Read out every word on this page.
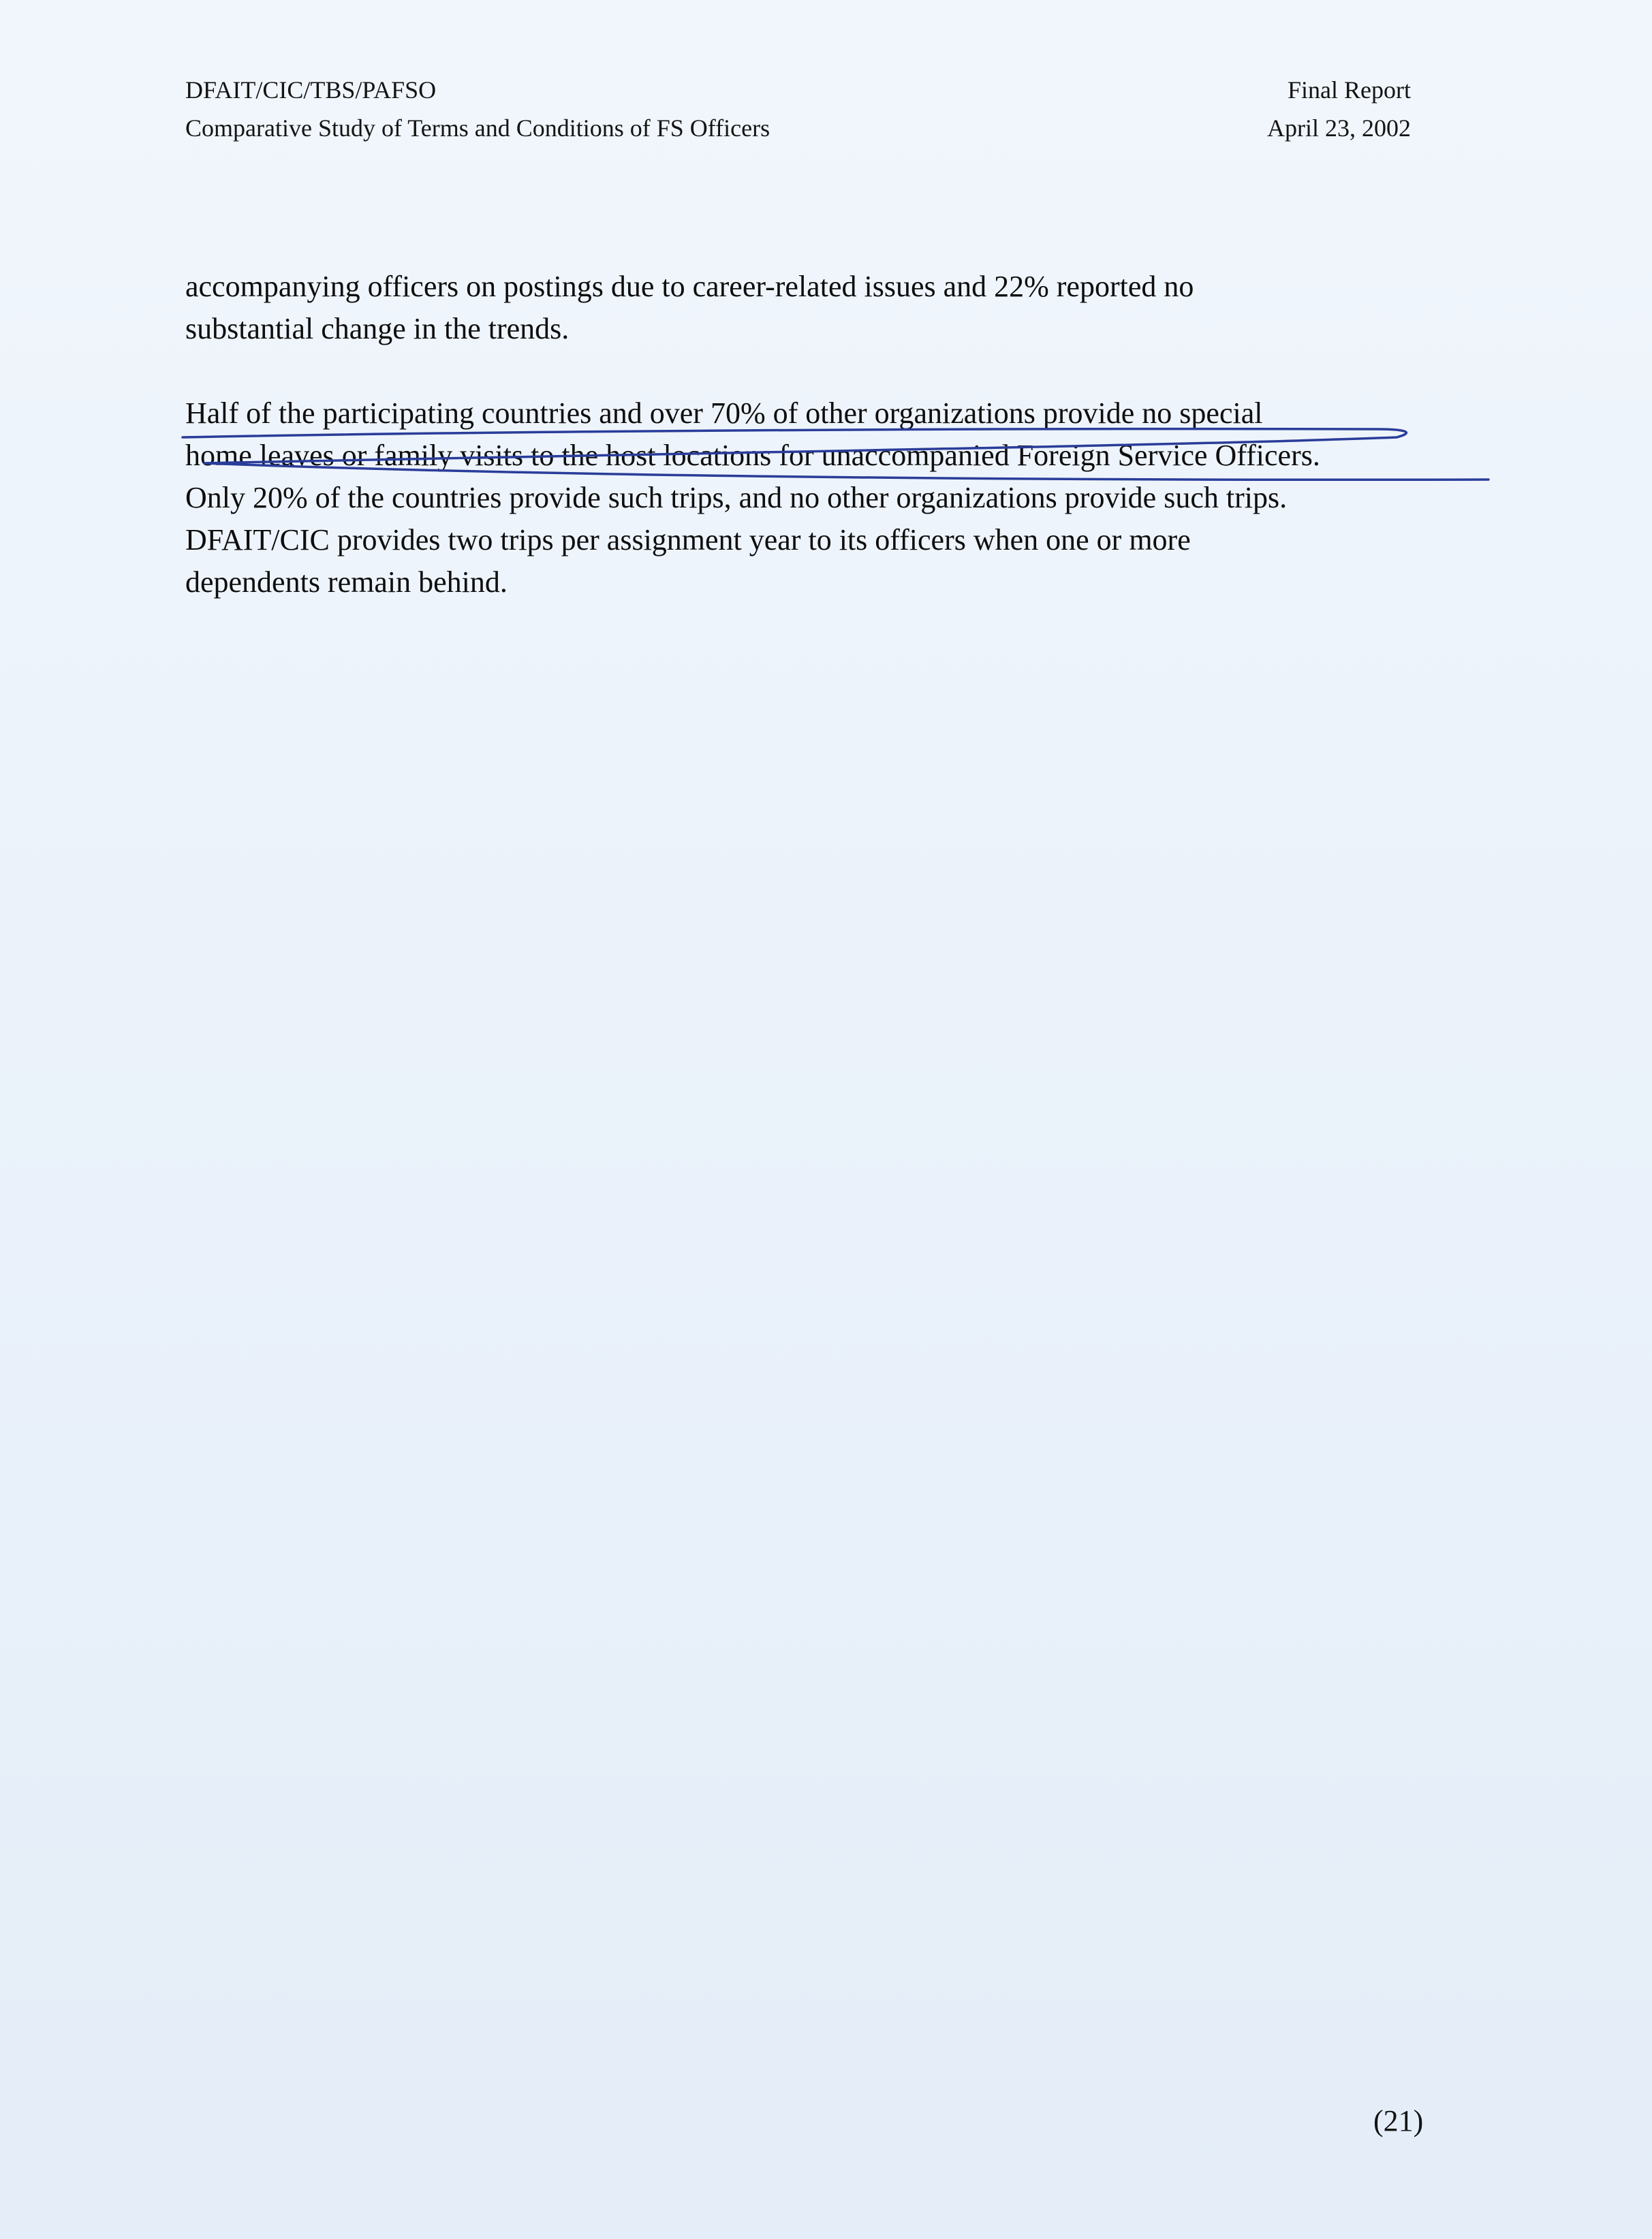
DFAIT/CIC/TBS/PAFSO
Comparative Study of Terms and Conditions of FS Officers
Final Report
April 23, 2002
accompanying officers on postings due to career-related issues and 22% reported no
substantial change in the trends.
Half of the participating countries and over 70% of other organizations provide no special
home leaves or family visits to the host locations for unaccompanied Foreign Service Officers.
Only 20% of the countries provide such trips, and no other organizations provide such trips.
DFAIT/CIC provides two trips per assignment year to its officers when one or more
dependents remain behind.
(21)
